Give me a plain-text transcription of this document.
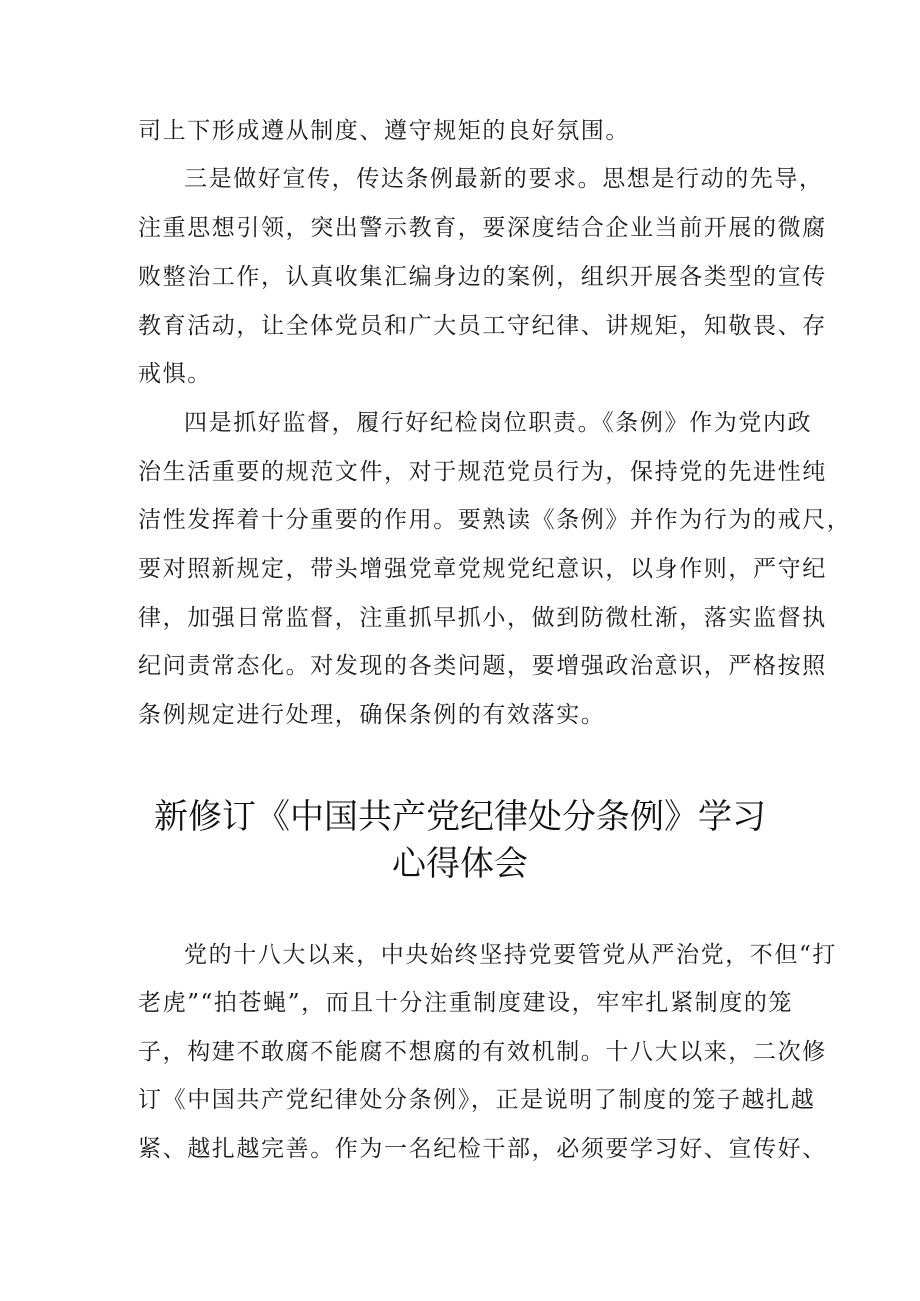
司上下形成遵从制度、遵守规矩的良好氛围。
三是做好宣传，传达条例最新的要求。思想是行动的先导，
注重思想引领，突出警示教育，要深度结合企业当前开展的微腐
败整治工作，认真收集汇编身边的案例，组织开展各类型的宣传
教育活动，让全体党员和广大员工守纪律、讲规矩，知敬畏、存
戒惧。
四是抓好监督，履行好纪检岗位职责。《条例》作为党内政
治生活重要的规范文件，对于规范党员行为，保持党的先进性纯
洁性发挥着十分重要的作用。要熟读《条例》并作为行为的戒尺，
要对照新规定，带头增强党章党规党纪意识，以身作则，严守纪
律，加强日常监督，注重抓早抓小，做到防微杜渐，落实监督执
纪问责常态化。对发现的各类问题，要增强政治意识，严格按照
条例规定进行处理，确保条例的有效落实。
新修订《中国共产党纪律处分条例》学习
心得体会
党的十八大以来，中央始终坚持党要管党从严治党，不但“打
老虎”“拍苍蝇”，而且十分注重制度建设，牢牢扎紧制度的笼
子，构建不敢腐不能腐不想腐的有效机制。十八大以来，二次修
订《中国共产党纪律处分条例》，正是说明了制度的笼子越扎越
紧、越扎越完善。作为一名纪检干部，必须要学习好、宣传好、
